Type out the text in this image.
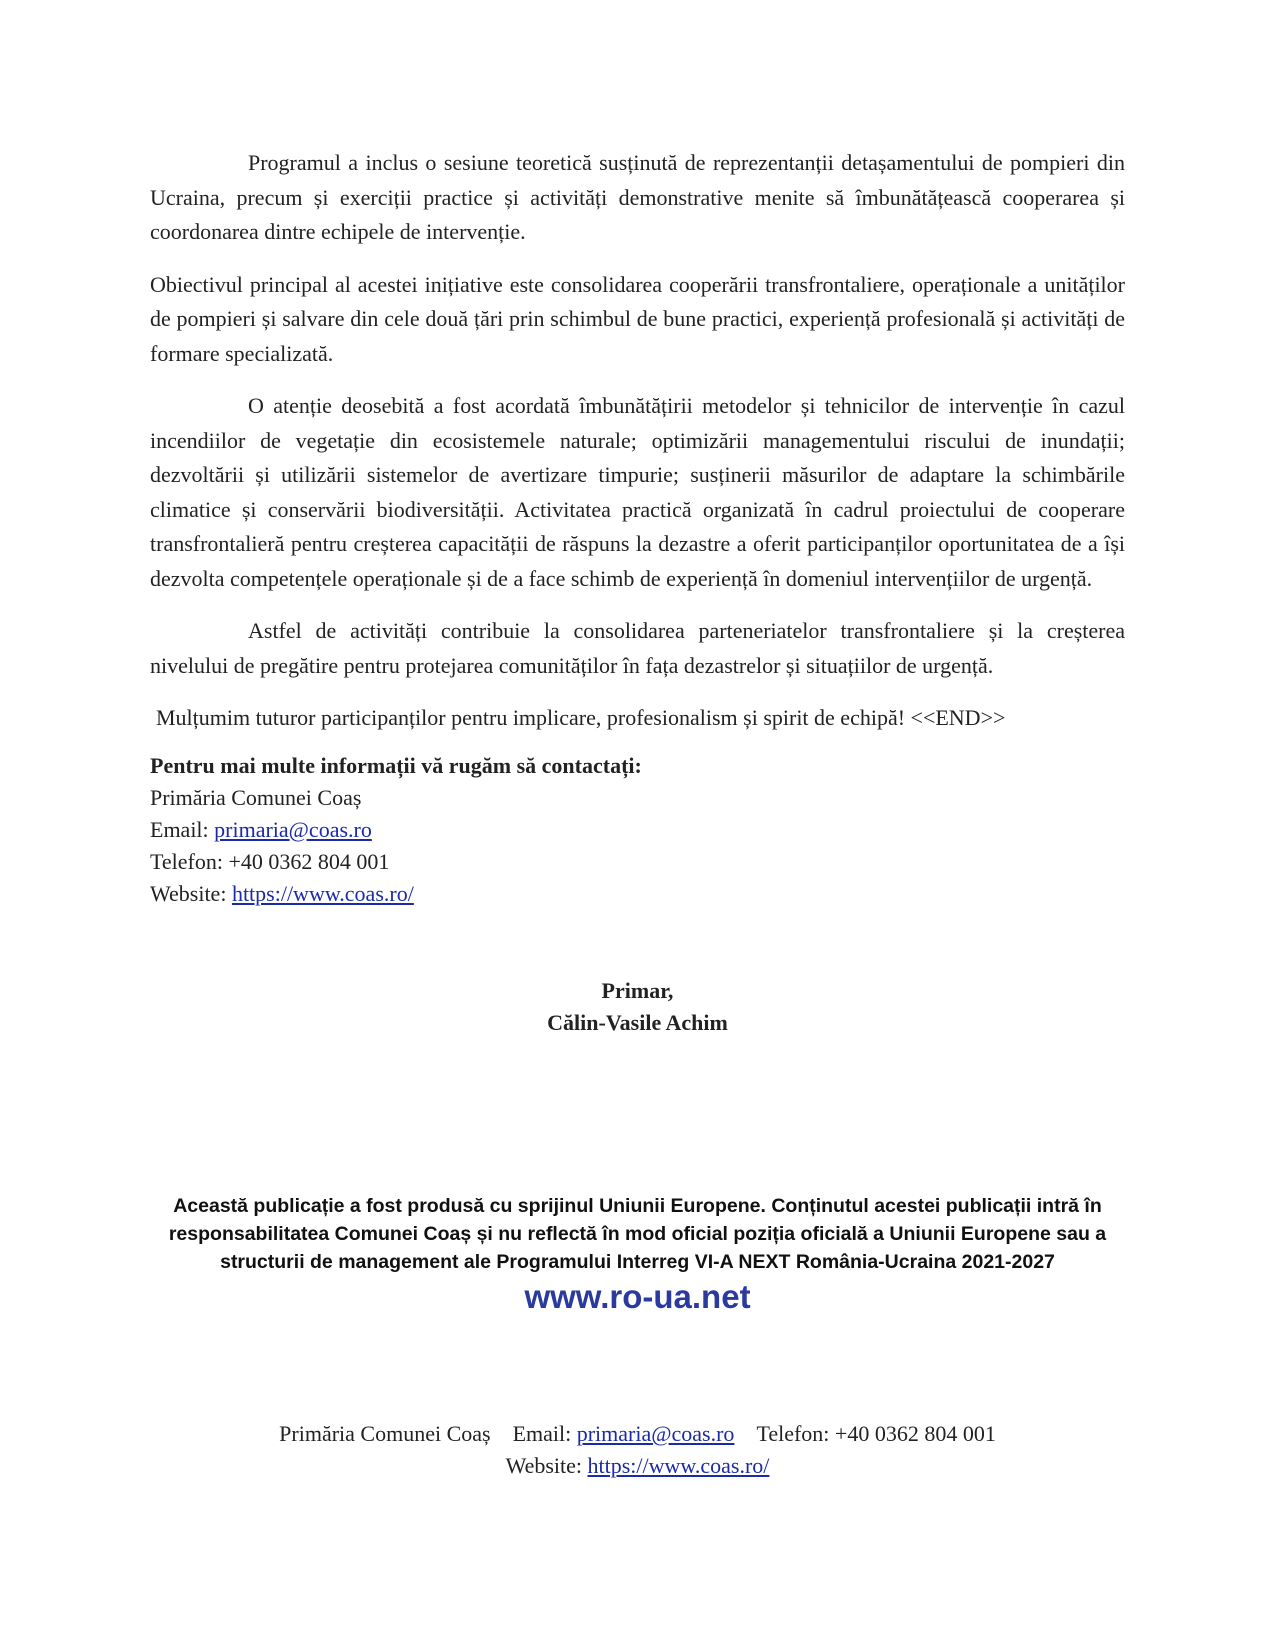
Programul a inclus o sesiune teoretică susținută de reprezentanții detașamentului de pompieri din Ucraina, precum și exerciții practice și activități demonstrative menite să îmbunătățească cooperarea și coordonarea dintre echipele de intervenție.

Obiectivul principal al acestei inițiative este consolidarea cooperării transfrontaliere, operaționale a unităților de pompieri și salvare din cele două țări prin schimbul de bune practici, experiență profesională și activități de formare specializată.

O atenție deosebită a fost acordată îmbunătățirii metodelor și tehnicilor de intervenție în cazul incendiilor de vegetație din ecosistemele naturale; optimizării managementului riscului de inundații; dezvoltării și utilizării sistemelor de avertizare timpurie; susținerii măsurilor de adaptare la schimbările climatice și conservării biodiversității. Activitatea practică organizată în cadrul proiectului de cooperare transfrontalieră pentru creșterea capacității de răspuns la dezastre a oferit participanților oportunitatea de a își dezvolta competențele operaționale și de a face schimb de experiență în domeniul intervențiilor de urgență.

Astfel de activități contribuie la consolidarea parteneriatelor transfrontaliere și la creșterea nivelului de pregătire pentru protejarea comunităților în fața dezastrelor și situațiilor de urgență.

Mulțumim tuturor participanților pentru implicare, profesionalism și spirit de echipă! <<END>>

Pentru mai multe informații vă rugăm să contactați:

Primăria Comunei Coaș

Email: primaria@coas.ro

Telefon: +40 0362 804 001

Website: https://www.coas.ro/

Primar,
Călin-Vasile Achim
Această publicație a fost produsă cu sprijinul Uniunii Europene. Conținutul acestei publicații intră în responsabilitatea Comunei Coaș și nu reflectă în mod oficial poziția oficială a Uniunii Europene sau a structurii de management ale Programului Interreg VI-A NEXT România-Ucraina 2021-2027
www.ro-ua.net
Primăria Comunei Coaș Email: primaria@coas.ro Telefon: +40 0362 804 001
Website: https://www.coas.ro/
